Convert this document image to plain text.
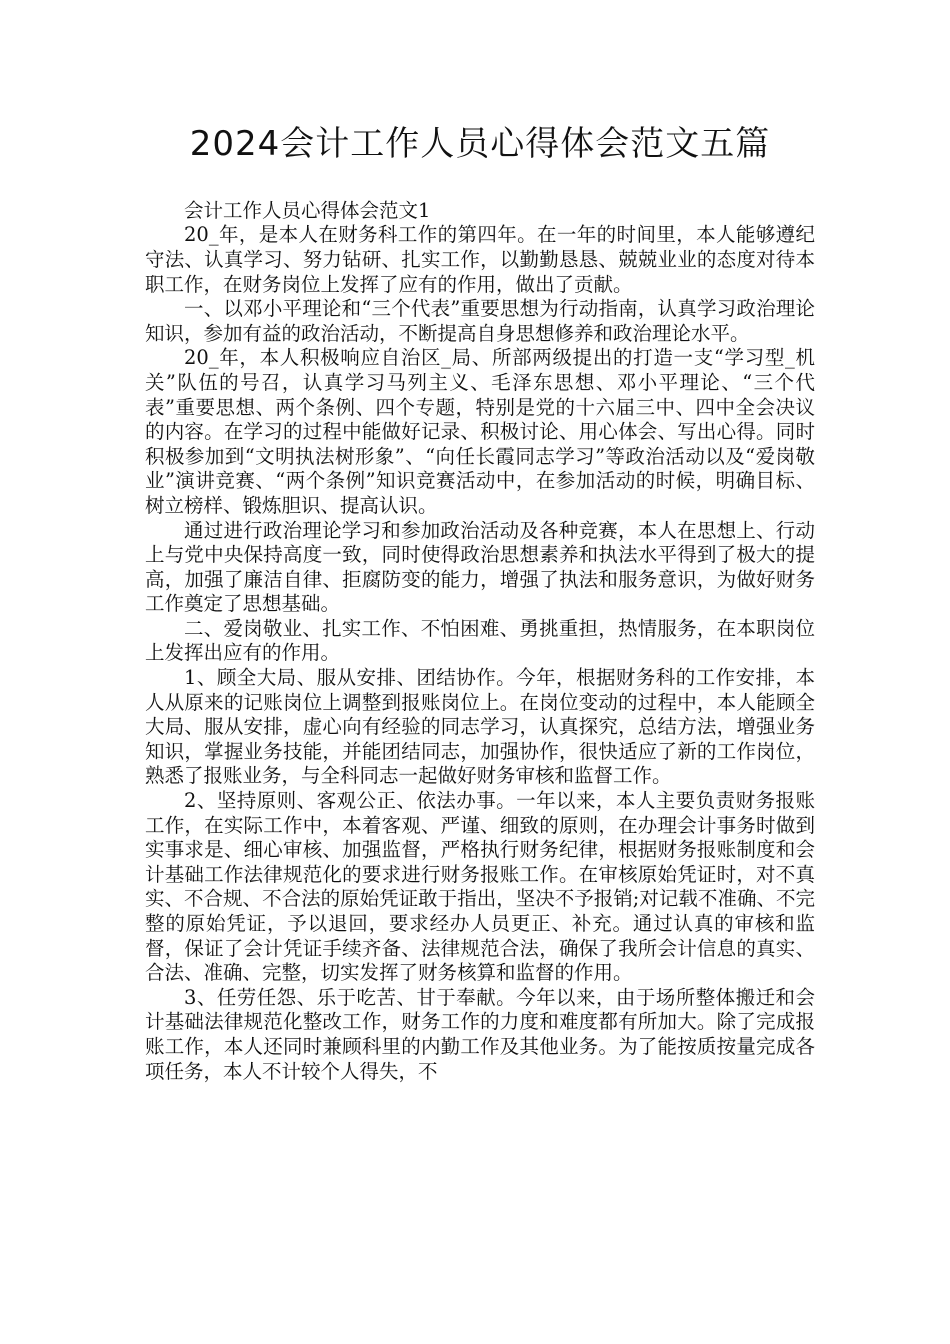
2024会计工作人员心得体会范文五篇

会计工作人员心得体会范文1

20_年，是本人在财务科工作的第四年。在一年的时间里，本人能够遵纪守法、认真学习、努力钻研、扎实工作，以勤勤恳恳、兢兢业业的态度对待本职工作，在财务岗位上发挥了应有的作用，做出了贡献。

一、以邓小平理论和“三个代表”重要思想为行动指南，认真学习政治理论知识，参加有益的政治活动，不断提高自身思想修养和政治理论水平。

20_年，本人积极响应自治区_局、所部两级提出的打造一支“学习型_机关”队伍的号召，认真学习马列主义、毛泽东思想、邓小平理论、“三个代表”重要思想、两个条例、四个专题，特别是党的十六届三中、四中全会决议的内容。在学习的过程中能做好记录、积极讨论、用心体会、写出心得。同时积极参加到“文明执法树形象”、“向任长霞同志学习”等政治活动以及“爱岗敬业”演讲竞赛、“两个条例”知识竞赛活动中，在参加活动的时候，明确目标、树立榜样、锻炼胆识、提高认识。

通过进行政治理论学习和参加政治活动及各种竞赛，本人在思想上、行动上与党中央保持高度一致，同时使得政治思想素养和执法水平得到了极大的提高，加强了廉洁自律、拒腐防变的能力，增强了执法和服务意识，为做好财务工作奠定了思想基础。

二、爱岗敬业、扎实工作、不怕困难、勇挑重担，热情服务，在本职岗位上发挥出应有的作用。

1、顾全大局、服从安排、团结协作。今年，根据财务科的工作安排，本人从原来的记账岗位上调整到报账岗位上。在岗位变动的过程中，本人能顾全大局、服从安排，虚心向有经验的同志学习，认真探究，总结方法，增强业务知识，掌握业务技能，并能团结同志，加强协作，很快适应了新的工作岗位，熟悉了报账业务，与全科同志一起做好财务审核和监督工作。

2、坚持原则、客观公正、依法办事。一年以来，本人主要负责财务报账工作，在实际工作中，本着客观、严谨、细致的原则，在办理会计事务时做到实事求是、细心审核、加强监督，严格执行财务纪律，根据财务报账制度和会计基础工作法律规范化的要求进行财务报账工作。在审核原始凭证时，对不真实、不合规、不合法的原始凭证敢于指出，坚决不予报销;对记载不准确、不完整的原始凭证，予以退回，要求经办人员更正、补充。通过认真的审核和监督，保证了会计凭证手续齐备、法律规范合法，确保了我所会计信息的真实、合法、准确、完整，切实发挥了财务核算和监督的作用。

3、任劳任怨、乐于吃苦、甘于奉献。今年以来，由于场所整体搬迁和会计基础法律规范化整改工作，财务工作的力度和难度都有所加大。除了完成报账工作，本人还同时兼顾科里的内勤工作及其他业务。为了能按质按量完成各项任务，本人不计较个人得失，不
